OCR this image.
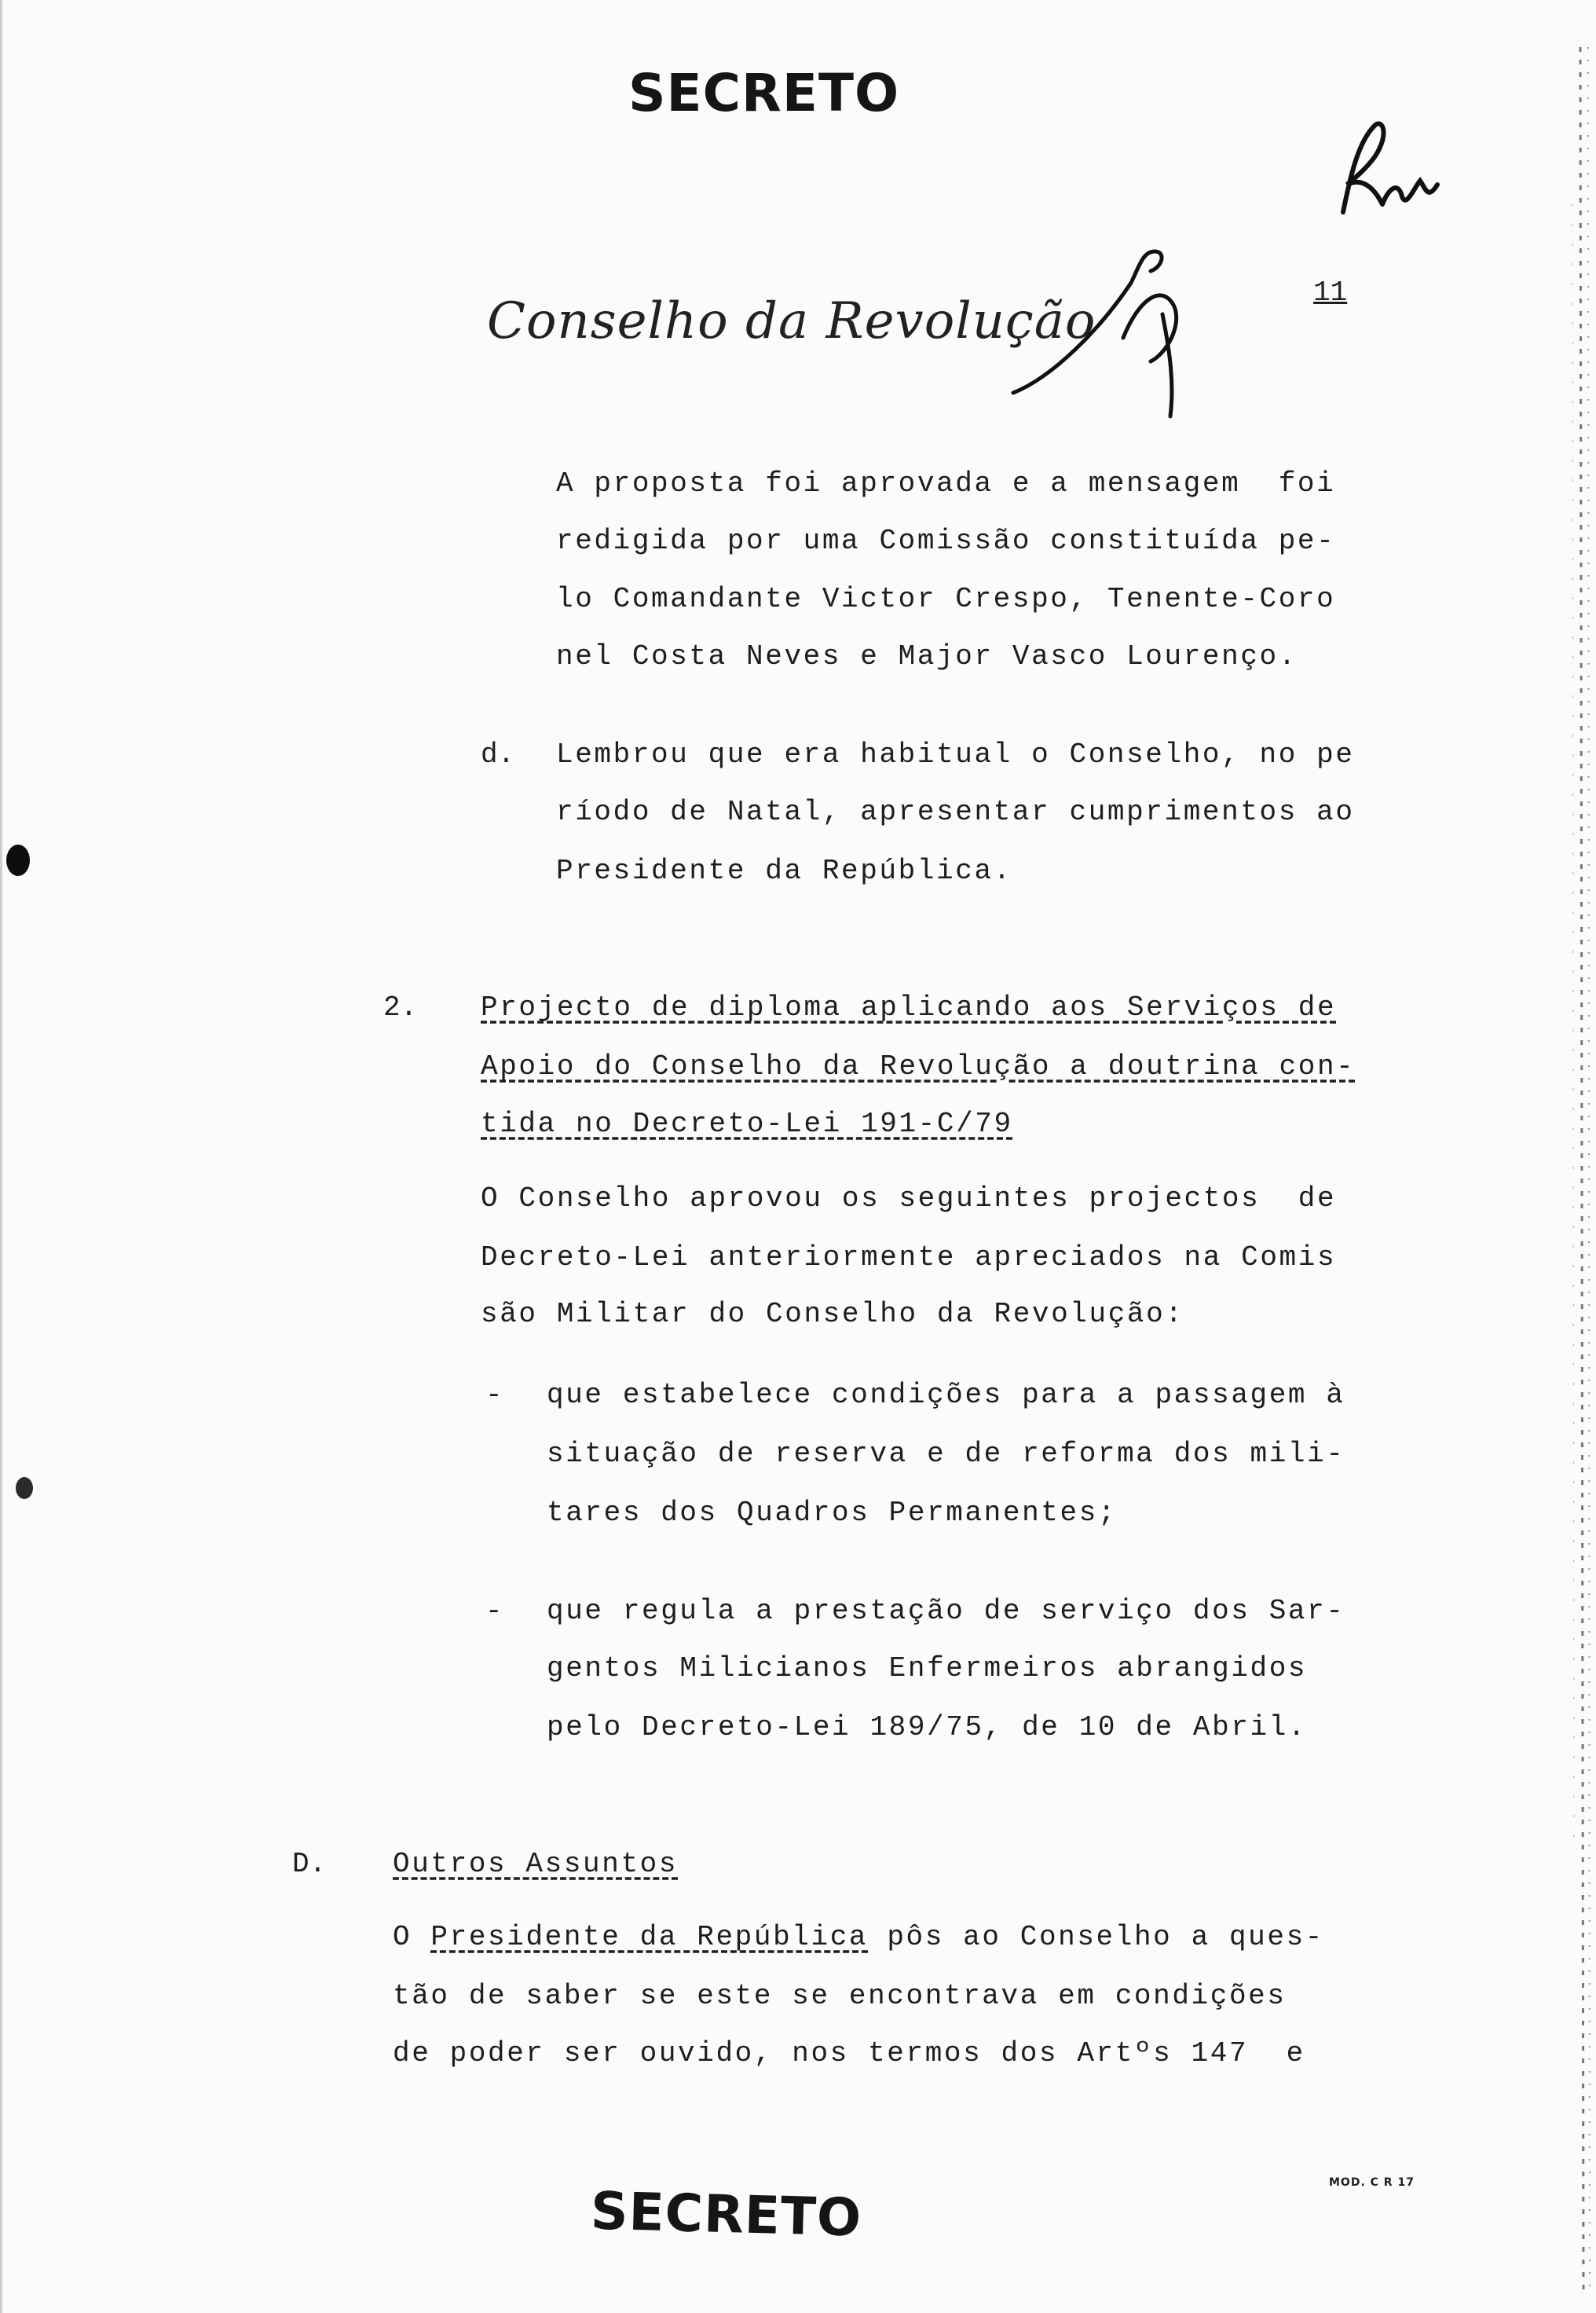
SECRETO
Conselho da Revolução	11
A proposta foi aprovada e a mensagem  foi
redigida por uma Comissão constituída pe-
lo Comandante Victor Crespo, Tenente-Coro
nel Costa Neves e Major Vasco Lourenço.
d. Lembrou que era habitual o Conselho, no pe
ríodo de Natal, apresentar cumprimentos ao
Presidente da República.
2. Projecto de diploma aplicando aos Serviços de
Apoio do Conselho da Revolução a doutrina con-
tida no Decreto-Lei 191-C/79
O Conselho aprovou os seguintes projectos  de
Decreto-Lei anteriormente apreciados na Comis
são Militar do Conselho da Revolução:
- que estabelece condições para a passagem à
situação de reserva e de reforma dos mili-
tares dos Quadros Permanentes;
- que regula a prestação de serviço dos Sar-
gentos Milicianos Enfermeiros abrangidos
pelo Decreto-Lei 189/75, de 10 de Abril.
D. Outros Assuntos
O Presidente da República pôs ao Conselho a ques-
tão de saber se este se encontrava em condições
de poder ser ouvido, nos termos dos Artºs 147  e
SECRETO	MOD. C R 17
